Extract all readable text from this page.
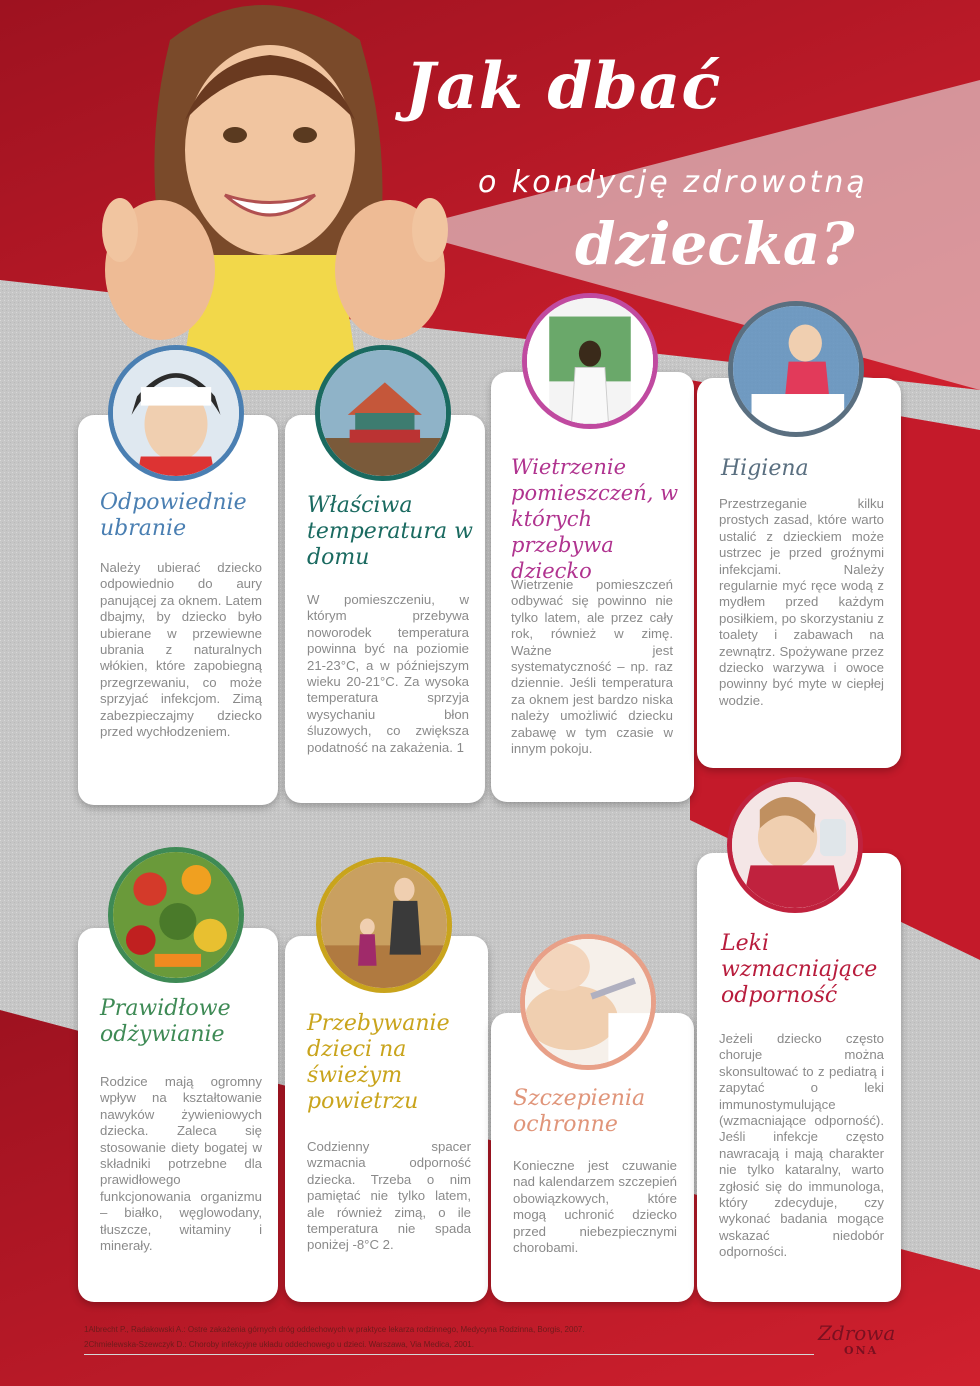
Jak dbać
o kondycję zdrowotną
dziecka?
Odpowiednie ubranie

Należy ubierać dziecko odpowiednio do aury panującej za oknem. Latem dbajmy, by dziecko było ubierane w przewiewne ubrania z naturalnych włókien, które zapobiegną przegrzewaniu, co może sprzyjać infekcjom. Zimą zabezpieczajmy dziecko przed wychłodzeniem.

Właściwa temperatura w domu

W pomieszczeniu, w którym przebywa noworodek temperatura powinna być na poziomie 21-23°C, a w późniejszym wieku 20-21°C. Za wysoka temperatura sprzyja wysychaniu błon śluzowych, co zwiększa podatność na zakażenia. 1

Wietrzenie pomieszczeń, w których przebywa dziecko

Wietrzenie pomieszczeń odbywać się powinno nie tylko latem, ale przez cały rok, również w zimę. Ważne jest systematyczność – np. raz dziennie. Jeśli temperatura za oknem jest bardzo niska należy umożliwić dziecku zabawę w tym czasie w innym pokoju.

Higiena

Przestrzeganie kilku prostych zasad, które warto ustalić z dzieckiem może ustrzec je przed groźnymi infekcjami. Należy regularnie myć ręce wodą z mydłem przed każdym posiłkiem, po skorzystaniu z toalety i zabawach na zewnątrz. Spożywane przez dziecko warzywa i owoce powinny być myte w ciepłej wodzie.

Prawidłowe odżywianie

Rodzice mają ogromny wpływ na kształtowanie nawyków żywieniowych dziecka. Zaleca się stosowanie diety bogatej w składniki potrzebne dla prawidłowego funkcjonowania organizmu – białko, węglowodany, tłuszcze, witaminy i minerały.

Przebywanie dzieci na świeżym powietrzu

Codzienny spacer wzmacnia odporność dziecka. Trzeba o nim pamiętać nie tylko latem, ale również zimą, o ile temperatura nie spada poniżej -8°C 2.

Szczepienia ochronne

Konieczne jest czuwanie nad kalendarzem szczepień obowiązkowych, które mogą uchronić dziecko przed niebezpiecznymi chorobami.

Leki wzmacniające odporność

Jeżeli dziecko często choruje można skonsultować to z pediatrą i zapytać o leki immunostymulujące (wzmacniające odporność). Jeśli infekcje często nawracają i mają charakter nie tylko kataralny, warto zgłosić się do immunologa, który zdecyduje, czy wykonać badania mogące wskazać niedobór odporności.

1Albrecht P., Radakowski A.: Ostre zakażenia górnych dróg oddechowych w praktyce lekarza rodzinnego, Medycyna Rodzinna, Borgis, 2007.
2Chmielewska-Szewczyk D.: Choroby infekcyjne układu oddechowego u dzieci. Warszawa, Via Medica, 2001.	Zdrowa
ONA
